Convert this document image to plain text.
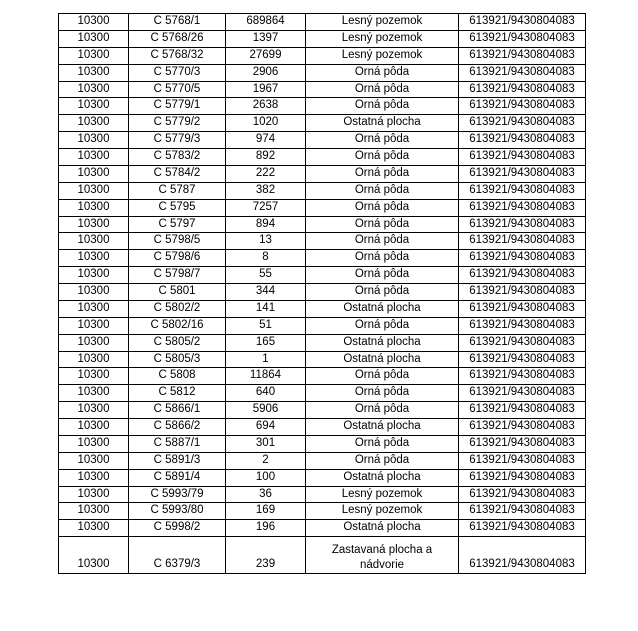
10300	C 5768/1	689864	Lesný pozemok	613921/9430804083
10300	C 5768/26	1397	Lesný pozemok	613921/9430804083
10300	C 5768/32	27699	Lesný pozemok	613921/9430804083
10300	C 5770/3	2906	Orná pôda	613921/9430804083
10300	C 5770/5	1967	Orná pôda	613921/9430804083
10300	C 5779/1	2638	Orná pôda	613921/9430804083
10300	C 5779/2	1020	Ostatná plocha	613921/9430804083
10300	C 5779/3	974	Orná pôda	613921/9430804083
10300	C 5783/2	892	Orná pôda	613921/9430804083
10300	C 5784/2	222	Orná pôda	613921/9430804083
10300	C 5787	382	Orná pôda	613921/9430804083
10300	C 5795	7257	Orná pôda	613921/9430804083
10300	C 5797	894	Orná pôda	613921/9430804083
10300	C 5798/5	13	Orná pôda	613921/9430804083
10300	C 5798/6	8	Orná pôda	613921/9430804083
10300	C 5798/7	55	Orná pôda	613921/9430804083
10300	C 5801	344	Orná pôda	613921/9430804083
10300	C 5802/2	141	Ostatná plocha	613921/9430804083
10300	C 5802/16	51	Orná pôda	613921/9430804083
10300	C 5805/2	165	Ostatná plocha	613921/9430804083
10300	C 5805/3	1	Ostatná plocha	613921/9430804083
10300	C 5808	11864	Orná pôda	613921/9430804083
10300	C 5812	640	Orná pôda	613921/9430804083
10300	C 5866/1	5906	Orná pôda	613921/9430804083
10300	C 5866/2	694	Ostatná plocha	613921/9430804083
10300	C 5887/1	301	Orná pôda	613921/9430804083
10300	C 5891/3	2	Orná pôda	613921/9430804083
10300	C 5891/4	100	Ostatná plocha	613921/9430804083
10300	C 5993/79	36	Lesný pozemok	613921/9430804083
10300	C 5993/80	169	Lesný pozemok	613921/9430804083
10300	C 5998/2	196	Ostatná plocha	613921/9430804083
10300	C 6379/3	239	Zastavaná plocha a nádvorie	613921/9430804083
